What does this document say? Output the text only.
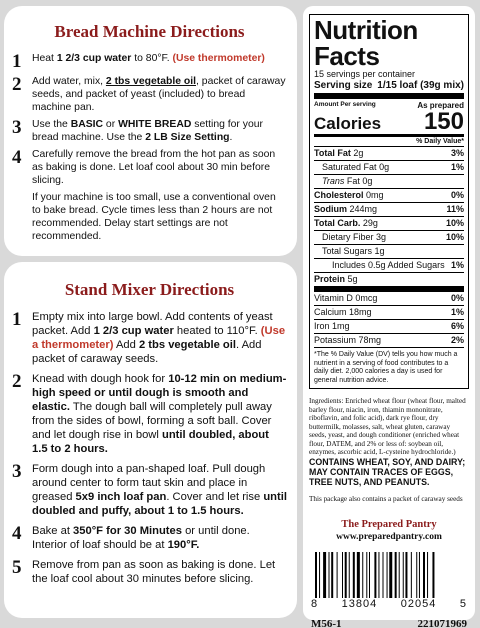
Bread Machine Directions
1	Heat 1 2/3 cup water to 80°F. (Use thermometer)
2	Add water, mix, 2 tbs vegetable oil, packet of caraway seeds, and packet of yeast (included) to bread machine pan.
3	Use the BASIC or WHITE BREAD setting for your bread machine. Use the 2 LB Size Setting.
4	Carefully remove the bread from the hot pan as soon as baking is done. Let loaf cool about 30 min before slicing.
If your machine is too small, use a conventional oven to bake bread. Cycle times less than 2 hours are not recommended. Delay start settings are not recommended.
Stand Mixer Directions
1 Empty mix into large bowl. Add contents of yeast packet. Add 1 2/3 cup water heated to 110°F. (Use a thermometer) Add 2 tbs vegetable oil. Add packet of caraway seeds.
2 Knead with dough hook for 10-12 min on medium-high speed or until dough is smooth and elastic. The dough ball will completely pull away from the sides of bowl, forming a soft ball. Cover and let dough rise in bowl until doubled, about 1.5 to 2 hours.
3 Form dough into a pan-shaped loaf. Pull dough around center to form taut skin and place in greased 5x9 inch loaf pan. Cover and let rise until doubled and puffy, about 1 to 1.5 hours.
4 Bake at 350°F for 30 Minutes or until done. Interior of loaf should be at 190°F.
5 Remove from pan as soon as baking is done. Let the loaf cool about 30 minutes before slicing.
Nutrition Facts
15 servings per container
Serving size 1/15 loaf (39g mix)
Amount Per serving	As prepared
Calories 150
% Daily Value*
Total Fat 2g	3%
Saturated Fat 0g	1%
Trans Fat 0g
Cholesterol 0mg	0%
Sodium 244mg	11%
Total Carb. 29g	10%
Dietary Fiber 3g	10%
Total Sugars 1g
Includes 0.5g Added Sugars 1%
Protein 5g
Vitamin D 0mcg	0%
Calcium 18mg	1%
Iron 1mg	6%
Potassium 78mg	2%
*The % Daily Value (DV) tells you how much a nutrient in a serving of food contributes to a daily diet. 2,000 calories a day is used for general nutrition advice.
Ingredients: Enriched wheat flour (wheat flour, malted barley flour, niacin, iron, thiamin mononitrate, riboflavin, and folic acid), dark rye flour, dry buttermilk, molasses, salt, wheat gluten, caraway seeds, yeast, and dough conditioner (enriched wheat flour, DATEM, and 2% or less of: soybean oil, enzymes, ascorbic acid, L-cysteine hydrochloride.)
CONTAINS WHEAT, SOY, AND DAIRY; MAY CONTAIN TRACES OF EGGS, TREE NUTS, AND PEANUTS.
This package also contains a packet of caraway seeds
The Prepared Pantry
www.preparedpantry.com
8 13804 02054 5
M56-1	221071969
